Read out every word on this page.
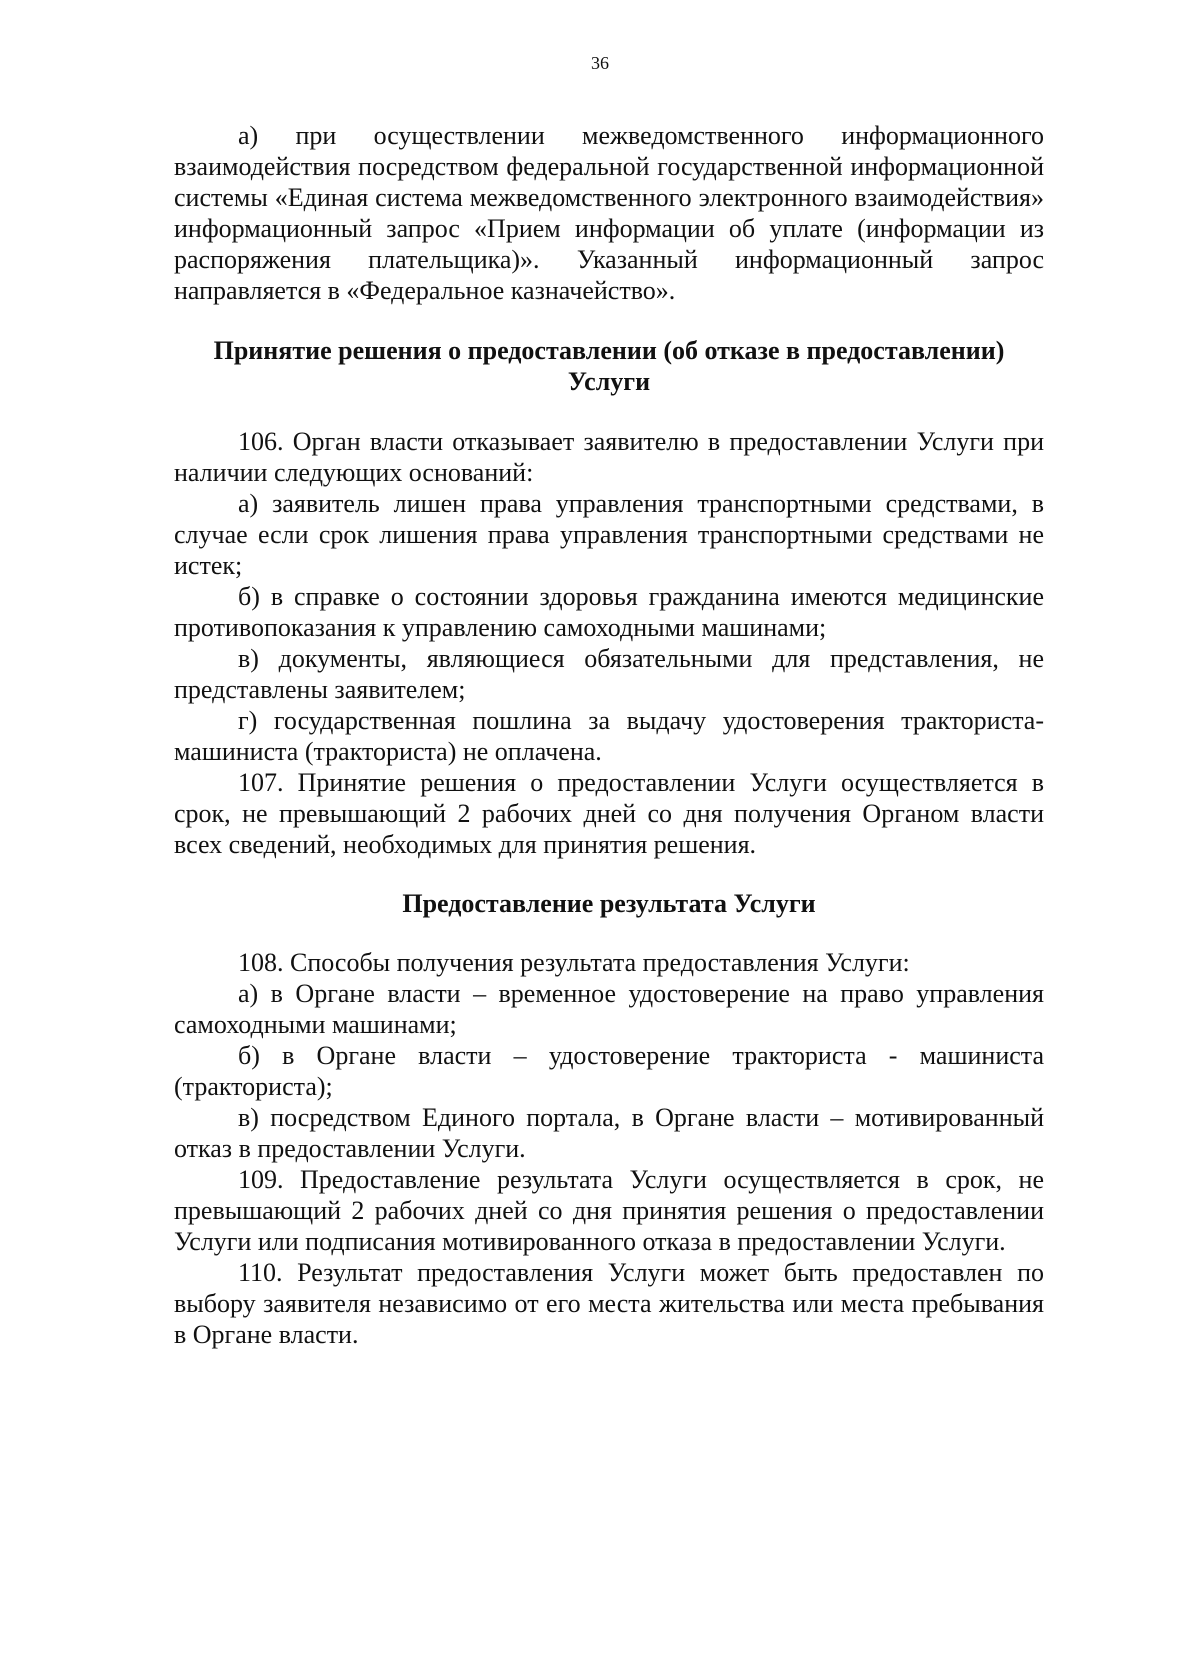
36

а) при осуществлении межведомственного информационного взаимодействия посредством федеральной государственной информационной системы «Единая система межведомственного электронного взаимодействия» информационный запрос «Прием информации об уплате (информации из распоряжения плательщика)». Указанный информационный запрос направляется в «Федеральное казначейство».

Принятие решения о предоставлении (об отказе в предоставлении)
Услуги

106. Орган власти отказывает заявителю в предоставлении Услуги при наличии следующих оснований:

а) заявитель лишен права управления транспортными средствами, в случае если срок лишения права управления транспортными средствами не истек;

б) в справке о состоянии здоровья гражданина имеются медицинские противопоказания к управлению самоходными машинами;

в) документы, являющиеся обязательными для представления, не представлены заявителем;

г) государственная пошлина за выдачу удостоверения тракториста-машиниста (тракториста) не оплачена.

107. Принятие решения о предоставлении Услуги осуществляется в срок, не превышающий 2 рабочих дней со дня получения Органом власти всех сведений, необходимых для принятия решения.

Предоставление результата Услуги

108. Способы получения результата предоставления Услуги:

а) в Органе власти – временное удостоверение на право управления самоходными машинами;

б) в Органе власти – удостоверение тракториста - машиниста (тракториста);

в) посредством Единого портала, в Органе власти – мотивированный отказ в предоставлении Услуги.

109. Предоставление результата Услуги осуществляется в срок, не превышающий 2 рабочих дней со дня принятия решения о предоставлении Услуги или подписания мотивированного отказа в предоставлении Услуги.

110. Результат предоставления Услуги может быть предоставлен по выбору заявителя независимо от его места жительства или места пребывания в Органе власти.
